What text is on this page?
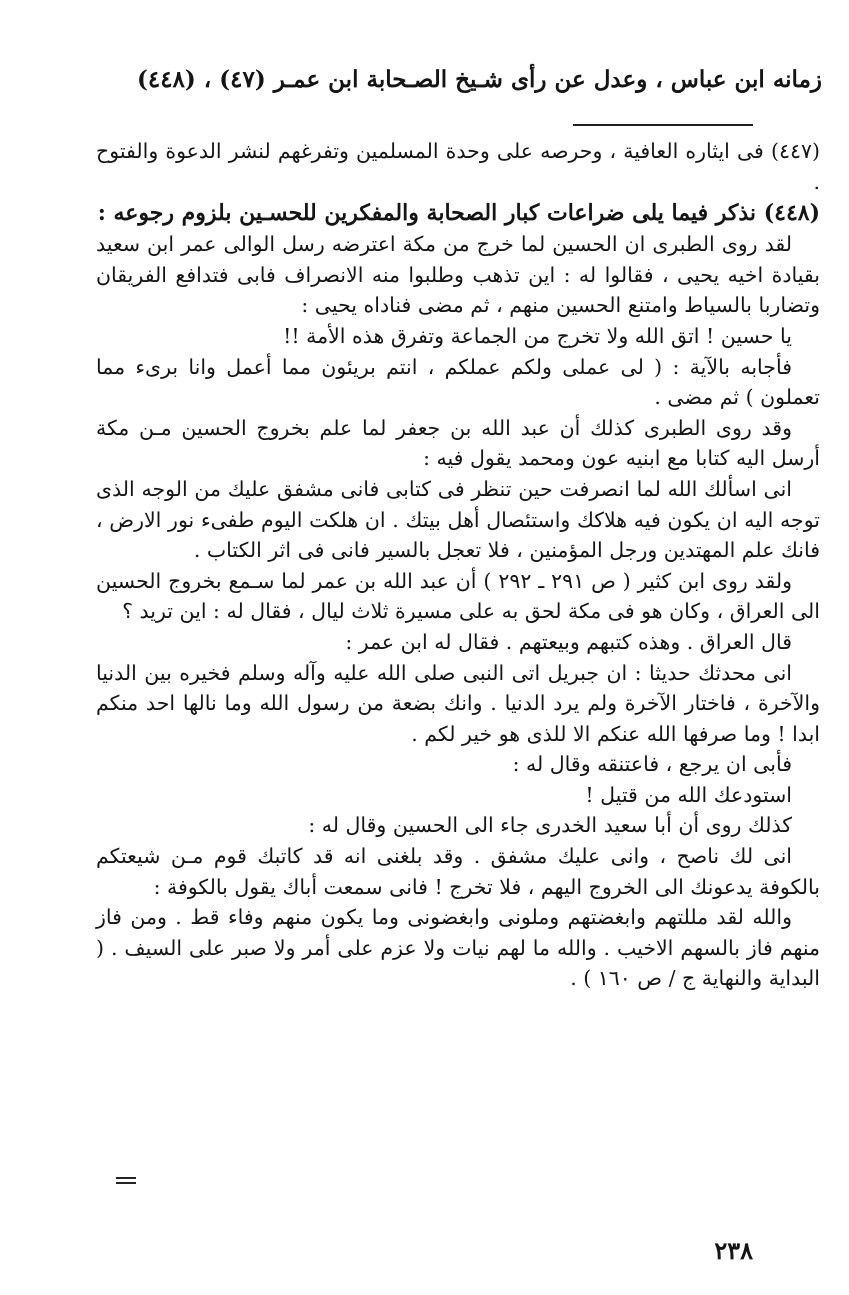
زمانه ابن عباس ، وعدل عن رأى شـيخ الصـحابة ابن عمـر (٤٧) ، (٤٤٨)

(٤٤٧) فى ايثاره العافية ، وحرصه على وحدة المسلمين وتفرغهم لنشر الدعوة والفتوح .

(٤٤٨) نذكر فيما يلى ضراعات كبار الصحابة والمفكرين للحسـين بلزوم رجوعه :

لقد روى الطبرى ان الحسين لما خرج من مكة اعترضه رسل الوالى عمر ابن سعيد بقيادة اخيه يحيى ، فقالوا له : اين تذهب وطلبوا منه الانصراف فابى فتدافع الفريقان وتضاربا بالسياط وامتنع الحسين منهم ، ثم مضى فناداه يحيى :

يا حسين ! اتق الله ولا تخرج من الجماعة وتفرق هذه الأمة !!

فأجابه بالآية : ( لى عملى ولكم عملكم ، انتم بريئون مما أعمل وانا برىء مما تعملون ) ثم مضى .

وقد روى الطبرى كذلك أن عبد الله بن جعفر لما علم بخروج الحسين مـن مكة أرسل اليه كتابا مع ابنيه عون ومحمد يقول فيه :

انى اسألك الله لما انصرفت حين تنظر فى كتابى فانى مشفق عليك من الوجه الذى توجه اليه ان يكون فيه هلاكك واستئصال أهل بيتك . ان هلكت اليوم طفىء نور الارض ، فانك علم المهتدين ورجل المؤمنين ، فلا تعجل بالسير فانى فى اثر الكتاب .

ولقد روى ابن كثير ( ص ٢٩١ ـ ٢٩٢ ) أن عبد الله بن عمر لما سـمع بخروج الحسين الى العراق ، وكان هو فى مكة لحق به على مسيرة ثلاث ليال ، فقال له : اين تريد ؟

قال العراق . وهذه كتبهم وبيعتهم . فقال له ابن عمر :

انى محدثك حديثا : ان جبريل اتى النبى صلى الله عليه وآله وسلم فخيره بين الدنيا والآخرة ، فاختار الآخرة ولم يرد الدنيا . وانك بضعة من رسول الله وما نالها احد منكم ابدا ! وما صرفها الله عنكم الا للذى هو خير لكم .

فأبى ان يرجع ، فاعتنقه وقال له :

استودعك الله من قتيل !

كذلك روى أن أبا سعيد الخدرى جاء الى الحسين وقال له :

انى لك ناصح ، وانى عليك مشفق . وقد بلغنى انه قد كاتبك قوم مـن شيعتكم بالكوفة يدعونك الى الخروج اليهم ، فلا تخرج ! فانى سمعت أباك يقول بالكوفة :

والله لقد مللتهم وابغضتهم وملونى وابغضونى وما يكون منهم وفاء قط . ومن فاز منهم فاز بالسهم الاخيب . والله ما لهم نيات ولا عزم على أمر ولا صبر على السيف . ( البداية والنهاية ج / ص ١٦٠ ) .

٢٣٨
